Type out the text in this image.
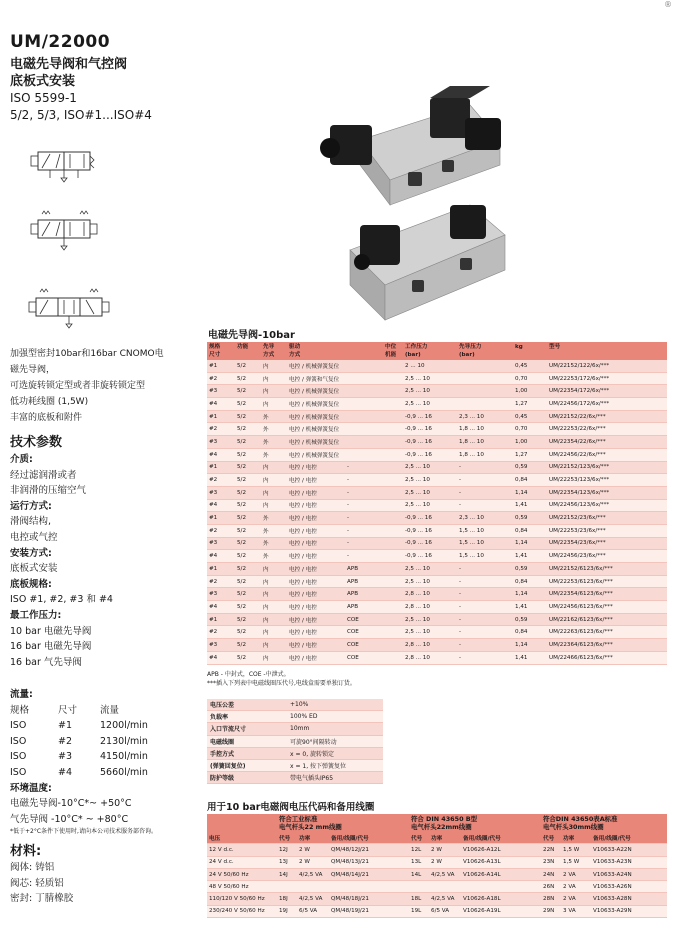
®
UM/22000
电磁先导阀和气控阀
底板式安装
ISO 5599-1
5/2, 5/3, ISO#1...ISO#4
加强型密封10bar和16bar CNOMO电
磁先导阀，
可选旋转锁定型或者非旋转锁定型
低功耗线圈 (1,5W)
丰富的底板和附件
技术参数
介质:
经过滤润滑或者
非润滑的压缩空气
运行方式:
滑阀结构,
电控或气控
安装方式:
底板式安装
底板规格:
ISO #1, #2, #3 和 #4
最工作压力:
10 bar 电磁先导阀
16 bar 电磁先导阀
16 bar 气先导阀
流量:
规格	尺寸	流量
ISO	#1	1200l/min
ISO	#2	2130l/min
ISO	#3	4150l/min
ISO	#4	5660l/min
环境温度:
电磁先导阀-10°C*~ +50°C
气先导阀 -10°C* ~ +80°C
*低于+2°C条件下使用时,请向本公司技术服务部咨询。
材料:
阀体: 铸铝
阀芯: 轻质铝
密封: 丁腈橡胶
电磁先导阀-10bar
规格
尺寸	功能	先导
方式	驱动
方式		中位
机能	工作压力
(bar)		先导压力
(bar)		kg	型号
#1	5/2	内	电控 / 机械弹簧复位			2 ... 10				0,45	UM/22152/122/6x/***
#2	5/2	内	电控 / 弹簧和气复位			2,5 ... 10				0,70	UM/22253/172/6x/***
#3	5/2	内	电控 / 机械弹簧复位			2,5 ... 10				1,00	UM/22354/172/6x/***
#4	5/2	内	电控 / 机械弹簧复位			2,5 ... 10				1,27	UM/22456/172/6x/***
#1	5/2	外	电控 / 机械弹簧复位			-0,9 ... 16		2,3 ... 10		0,45	UM/22152/22/6x/***
#2	5/2	外	电控 / 机械弹簧复位			-0,9 ... 16		1,8 ... 10		0,70	UM/22253/22/6x/***
#3	5/2	外	电控 / 机械弹簧复位			-0,9 ... 16		1,8 ... 10		1,00	UM/22354/22/6x/***
#4	5/2	外	电控 / 机械弹簧复位			-0,9 ... 16		1,8 ... 10		1,27	UM/22456/22/6x/***
#1	5/2	内	电控 / 电控	-		2,5 ... 10		-		0,59	UM/22152/123/6x/***
#2	5/2	内	电控 / 电控	-		2,5 ... 10		-		0,84	UM/22253/123/6x/***
#3	5/2	内	电控 / 电控	-		2,5 ... 10		-		1,14	UM/22354/123/6x/***
#4	5/2	内	电控 / 电控	-		2,5 ... 10		-		1,41	UM/22456/123/6x/***
#1	5/2	外	电控 / 电控	-		-0,9 ... 16		2,3 ... 10		0,59	UM/22152/23/6x/***
#2	5/2	外	电控 / 电控	-		-0,9 ... 16		1,5 ... 10		0,84	UM/22253/23/6x/***
#3	5/2	外	电控 / 电控	-		-0,9 ... 16		1,5 ... 10		1,14	UM/22354/23/6x/***
#4	5/2	外	电控 / 电控	-		-0,9 ... 16		1,5 ... 10		1,41	UM/22456/23/6x/***
#1	5/2	内	电控 / 电控	APB		2,5 ... 10		-		0,59	UM/22152/6123/6x/***
#2	5/2	内	电控 / 电控	APB		2,5 ... 10		-		0,84	UM/22253/6123/6x/***
#3	5/2	内	电控 / 电控	APB		2,8 ... 10		-		1,14	UM/22354/6123/6x/***
#4	5/2	内	电控 / 电控	APB		2,8 ... 10		-		1,41	UM/22456/6123/6x/***
#1	5/2	内	电控 / 电控	COE		2,5 ... 10		-		0,59	UM/22162/6123/6x/***
#2	5/2	内	电控 / 电控	COE		2,5 ... 10		-		0,84	UM/22263/6123/6x/***
#3	5/2	内	电控 / 电控	COE		2,8 ... 10		-		1,14	UM/22364/6123/6x/***
#4	5/2	内	电控 / 电控	COE		2,8 ... 10		-		1,41	UM/22466/6123/6x/***
APB - 中封式，COE -中泄式。
***插入下列表中电磁线圈压代号,电线盒需要单独订货。
电压公差	+10%
负载率	100% ED
入口节流尺寸	10mm
电磁线圈	可旋90°间隔转动
手控方式	x = 0, 旋转锁定
(弹簧回复位)	x = 1, 按下弹簧复位
防护等级	带电气插头IP65
用于10 bar电磁阀电压代码和备用线圈
	符合工业标准
电气杆头22 mm线圈			符合 DIN 43650 B型
电气杆头22mm线圈			符合DIN 43650表A标准
电气杆头30mm线圈		
电压	代号	功率	备用/线圈/代号	代号	功率	备用/线圈/代号	代号	功率	备用/线圈/代号
12 V d.c.	12J	2 W	QM/48/12J/21	12L	2 W	V10626-A12L	22N	1,5 W	V10633-A22N
24 V d.c.	13J	2 W	QM/48/13J/21	13L	2 W	V10626-A13L	23N	1,5 W	V10633-A23N
24 V 50/60 Hz	14J	4/2,5 VA	QM/48/14J/21	14L	4/2,5 VA	V10626-A14L	24N	2 VA	V10633-A24N
48 V 50/60 Hz							26N	2 VA	V10633-A26N
110/120 V 50/60 Hz	18J	4/2,5 VA	QM/48/18J/21	18L	4/2,5 VA	V10626-A18L	28N	2 VA	V10633-A28N
230/240 V 50/60 Hz	19J	6/5 VA	QM/48/19J/21	19L	6/5 VA	V10626-A19L	29N	3 VA	V10633-A29N
